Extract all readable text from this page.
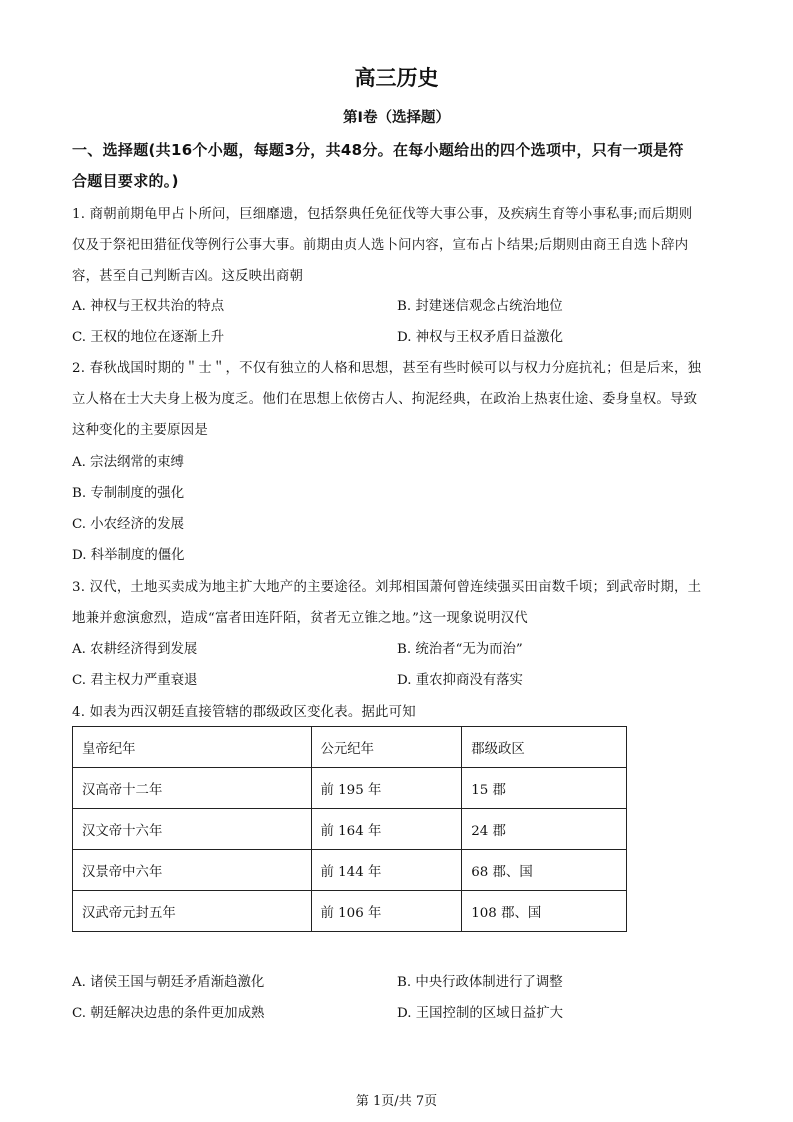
高三历史
第Ⅰ卷（选择题）
一、选择题(共16个小题，每题3分，共48分。在每小题给出的四个选项中，只有一项是符
合题目要求的。)
1. 商朝前期龟甲占卜所问，巨细靡遗，包括祭典任免征伐等大事公事，及疾病生育等小事私事;而后期则
仅及于祭祀田猎征伐等例行公事大事。前期由贞人选卜问内容，宣布占卜结果;后期则由商王自选卜辞内
容，甚至自己判断吉凶。这反映出商朝
A. 神权与王权共治的特点	B. 封建迷信观念占统治地位
C. 王权的地位在逐渐上升	D. 神权与王权矛盾日益激化
2. 春秋战国时期的＂士＂，不仅有独立的人格和思想，甚至有些时候可以与权力分庭抗礼；但是后来，独
立人格在士大夫身上极为度乏。他们在思想上依傍古人、拘泥经典，在政治上热衷仕途、委身皇权。导致
这种变化的主要原因是
A. 宗法纲常的束缚
B. 专制制度的强化
C. 小农经济的发展
D. 科举制度的僵化
3. 汉代，土地买卖成为地主扩大地产的主要途径。刘邦相国萧何曾连续强买田亩数千顷；到武帝时期，土
地兼并愈演愈烈，造成“富者田连阡陌，贫者无立锥之地。”这一现象说明汉代
A. 农耕经济得到发展	B. 统治者“无为而治”
C. 君主权力严重衰退	D. 重农抑商没有落实
4. 如表为西汉朝廷直接管辖的郡级政区变化表。据此可知
皇帝纪年	公元纪年	郡级政区
汉高帝十二年	前 195 年	15 郡
汉文帝十六年	前 164 年	24 郡
汉景帝中六年	前 144 年	68 郡、国
汉武帝元封五年	前 106 年	108 郡、国
A. 诸侯王国与朝廷矛盾渐趋激化	B. 中央行政体制进行了调整
C. 朝廷解决边患的条件更加成熟	D. 王国控制的区域日益扩大
第 1页/共 7页
